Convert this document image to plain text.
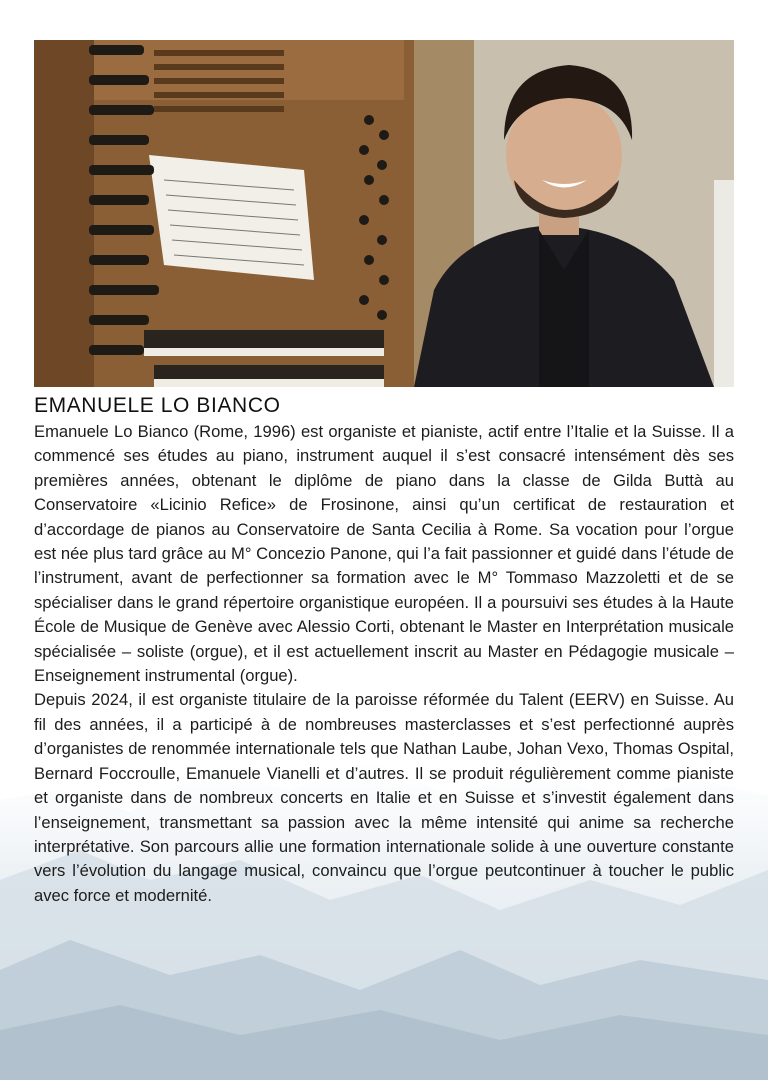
EMANUELE LO BIANCO

Emanuele Lo Bianco (Rome, 1996) est organiste et pianiste, actif entre l’Italie et la Suisse. Il a commencé ses études au piano, instrument auquel il s’est consacré intensément dès ses premières années, obtenant le diplôme de piano dans la classe de Gilda Buttà au Conservatoire «Licinio Refice» de Frosinone, ainsi qu’un certificat de restauration et d’accordage de pianos au Conservatoire de Santa Cecilia à Rome. Sa vocation pour l’orgue est née plus tard grâce au M° Concezio Panone, qui l’a fait passionner et guidé dans l’étude de l’instrument, avant de perfectionner sa formation avec le M° Tommaso Mazzoletti et de se spécialiser dans le grand répertoire organistique européen. Il a poursuivi ses études à la Haute École de Musique de Genève avec Alessio Corti, obtenant le Master en Interprétation musicale spécialisée – soliste (orgue), et il est actuellement inscrit au Master en Pédagogie musicale – Enseignement instrumental (orgue).

Depuis 2024, il est organiste titulaire de la paroisse réformée du Talent (EERV) en Suisse. Au fil des années, il a participé à de nombreuses masterclasses et s’est perfectionné auprès d’organistes de renommée internationale tels que Nathan Laube, Johan Vexo, Thomas Ospital, Bernard Foccroulle, Emanuele Vianelli et d’autres. Il se produit régulièrement comme pianiste et organiste dans de nombreux concerts en Italie et en Suisse et s’investit également dans l’enseignement, transmettant sa passion avec la même intensité qui anime sa recherche interprétative. Son parcours allie une formation internationale solide à une ouverture constante vers l’évolution du langage musical, convaincu que l’orgue peutcontinuer à toucher le public avec force et modernité.
